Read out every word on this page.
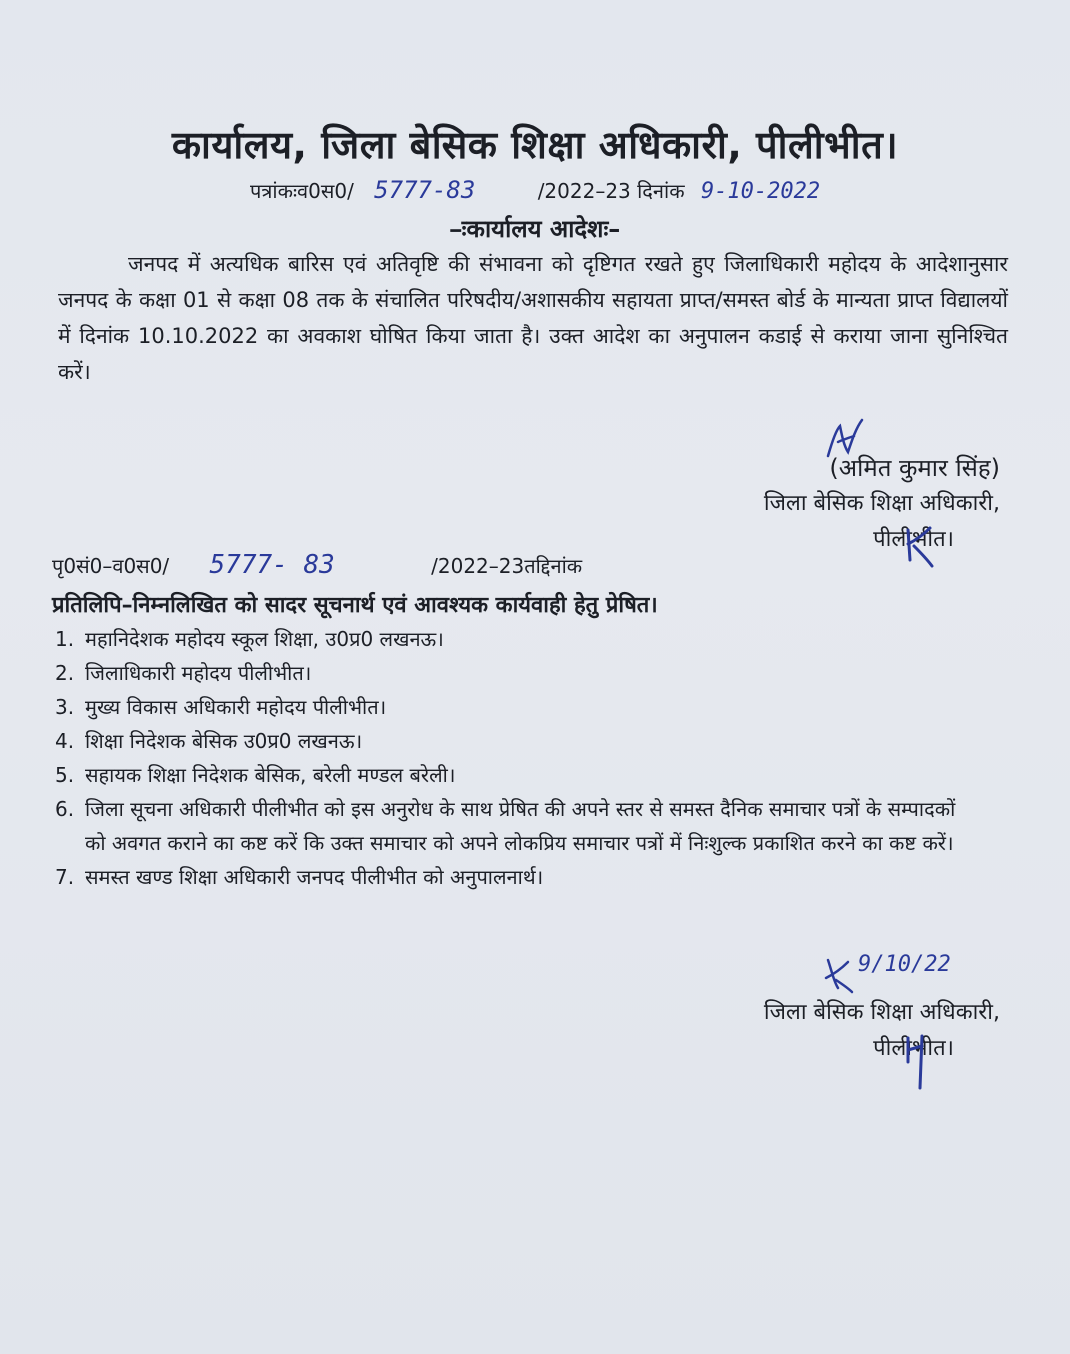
कार्यालय, जिला बेसिक शिक्षा अधिकारी, पीलीभीत।
पत्रांकःव0स0/ 5777-83	/2022–23 दिनांक 9-10-2022
–ःकार्यालय आदेशः–
जनपद में अत्यधिक बारिस एवं अतिवृष्टि की संभावना को दृष्टिगत रखते हुए जिलाधिकारी महोदय के आदेशानुसार जनपद के कक्षा 01 से कक्षा 08 तक के संचालित परिषदीय/अशासकीय सहायता प्राप्त/समस्त बोर्ड के मान्यता प्राप्त विद्यालयों में दिनांक 10.10.2022 का अवकाश घोषित किया जाता है। उक्त आदेश का अनुपालन कडाई से कराया जाना सुनिश्चित करें।
(अमित कुमार सिंह)
जिला बेसिक शिक्षा अधिकारी,
पीलीभीत।
पृ0सं0–व0स0/ 5777- 83	/2022–23तद्दिनांक
प्रतिलिपि–निम्नलिखित को सादर सूचनार्थ एवं आवश्यक कार्यवाही हेतु प्रेषित।
1. महानिदेशक महोदय स्कूल शिक्षा, उ0प्र0 लखनऊ।
2. जिलाधिकारी महोदय पीलीभीत।
3. मुख्य विकास अधिकारी महोदय पीलीभीत।
4. शिक्षा निदेशक बेसिक उ0प्र0 लखनऊ।
5. सहायक शिक्षा निदेशक बेसिक, बरेली मण्डल बरेली।
6. जिला सूचना अधिकारी पीलीभीत को इस अनुरोध के साथ प्रेषित की अपने स्तर से समस्त दैनिक समाचार पत्रों के सम्पादकों को अवगत कराने का कष्ट करें कि उक्त समाचार को अपने लोकप्रिय समाचार पत्रों में निःशुल्क प्रकाशित करने का कष्ट करें।
7. समस्त खण्ड शिक्षा अधिकारी जनपद पीलीभीत को अनुपालनार्थ।
9/10/22
जिला बेसिक शिक्षा अधिकारी,
पीलीभीत।
